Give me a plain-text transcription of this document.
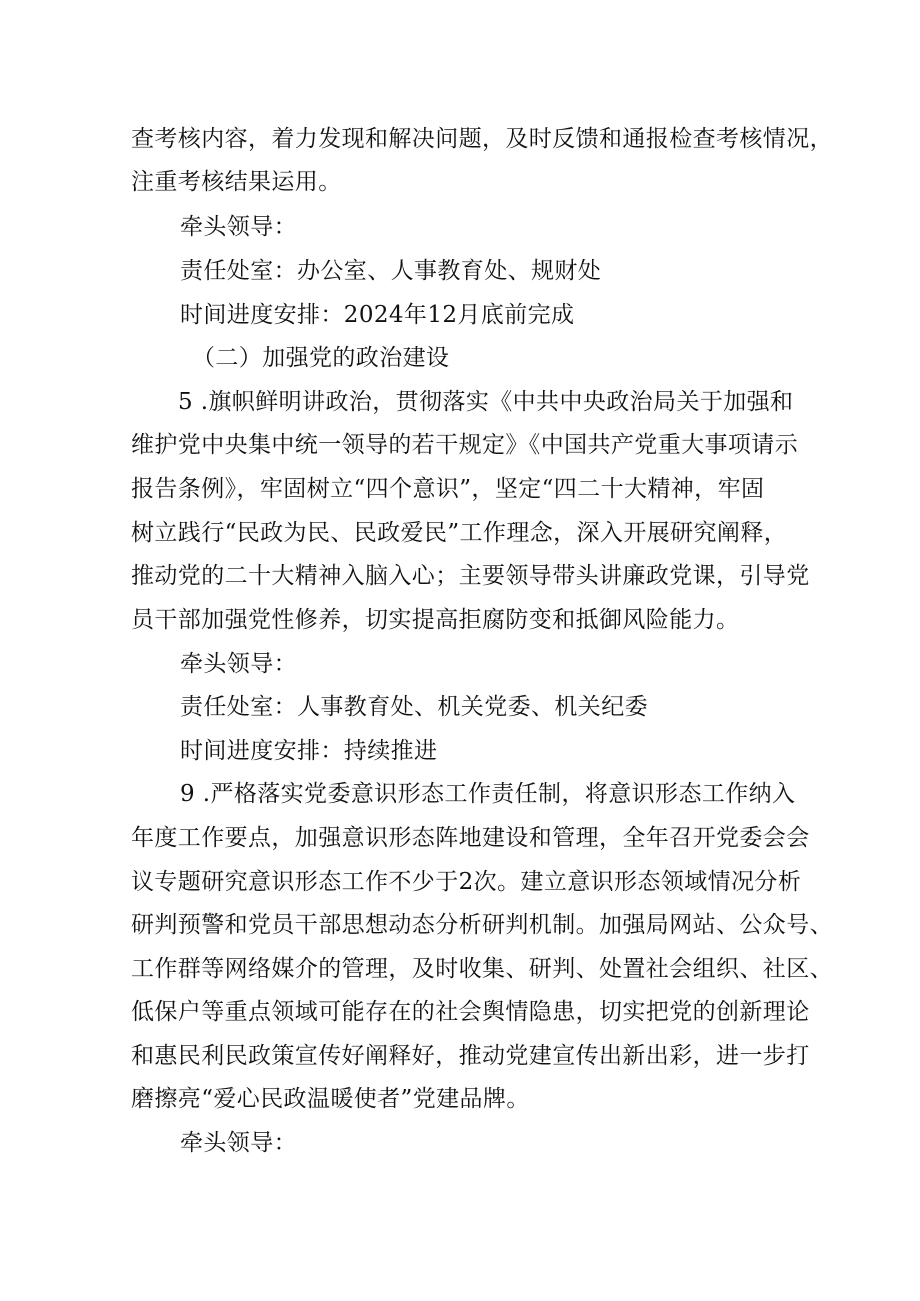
查考核内容，着力发现和解决问题，及时反馈和通报检查考核情况，
注重考核结果运用。
牵头领导：
责任处室：办公室、人事教育处、规财处
时间进度安排：2024年12月底前完成
（二）加强党的政治建设
5 .旗帜鲜明讲政治，贯彻落实《中共中央政治局关于加强和
维护党中央集中统一领导的若干规定》《中国共产党重大事项请示
报告条例》，牢固树立“四个意识”，坚定“四二十大精神，牢固
树立践行“民政为民、民政爱民”工作理念，深入开展研究阐释，
推动党的二十大精神入脑入心；主要领导带头讲廉政党课，引导党
员干部加强党性修养，切实提高拒腐防变和抵御风险能力。
牵头领导：
责任处室：人事教育处、机关党委、机关纪委
时间进度安排：持续推进
9 .严格落实党委意识形态工作责任制，将意识形态工作纳入
年度工作要点，加强意识形态阵地建设和管理，全年召开党委会会
议专题研究意识形态工作不少于2次。建立意识形态领域情况分析
研判预警和党员干部思想动态分析研判机制。加强局网站、公众号、
工作群等网络媒介的管理，及时收集、研判、处置社会组织、社区、
低保户等重点领域可能存在的社会舆情隐患，切实把党的创新理论
和惠民利民政策宣传好阐释好，推动党建宣传出新出彩，进一步打
磨擦亮“爱心民政温暖使者”党建品牌。
牵头领导：
